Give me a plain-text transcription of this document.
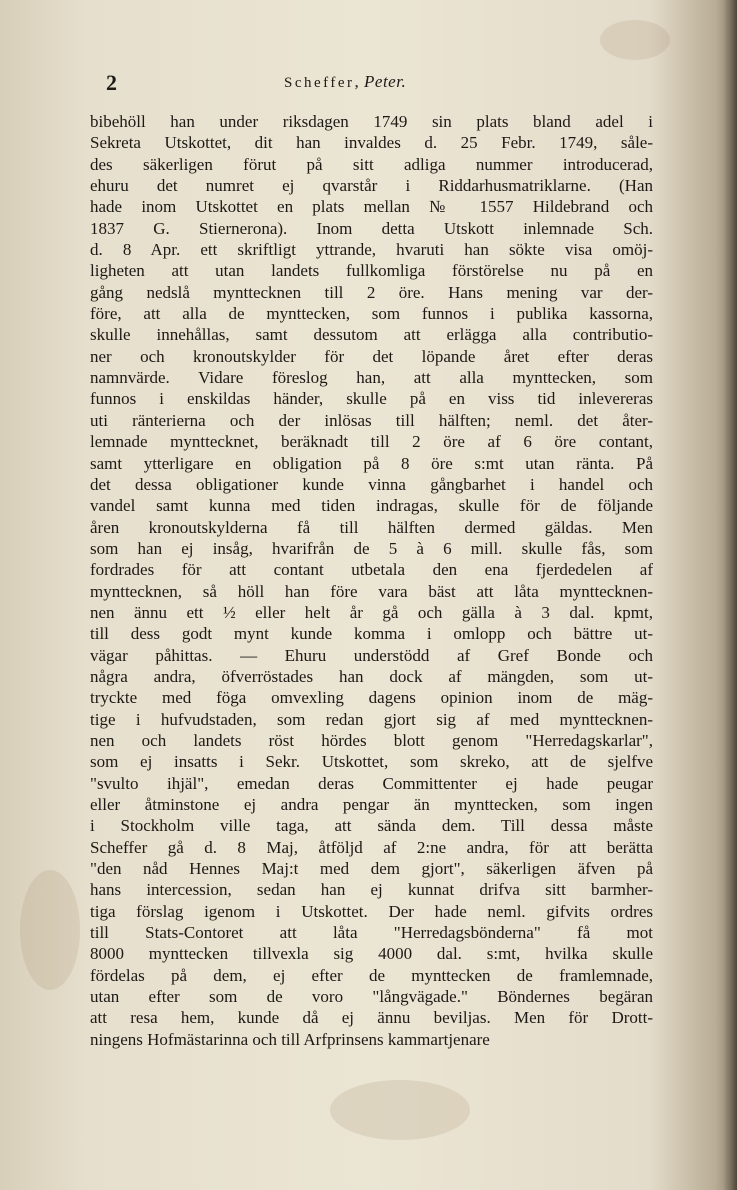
2	Scheffer, Peter.
bibehöll han under riksdagen 1749 sin plats bland adel i
Sekreta Utskottet, dit han invaldes d. 25 Febr. 1749, såle-
des säkerligen förut på sitt adliga nummer introducerad,
ehuru det numret ej qvarstår i Riddarhusmatriklarne. (Han
hade inom Utskottet en plats mellan № 1557 Hildebrand och
1837 G. Stiernerona). Inom detta Utskott inlemnade Sch.
d. 8 Apr. ett skriftligt yttrande, hvaruti han sökte visa omöj-
ligheten att utan landets fullkomliga förstörelse nu på en
gång nedslå mynttecknen till 2 öre. Hans mening var der-
före, att alla de mynttecken, som funnos i publika kassorna,
skulle innehållas, samt dessutom att erlägga alla contributio-
ner och kronoutskylder för det löpande året efter deras
namnvärde. Vidare föreslog han, att alla mynttecken, som
funnos i enskildas händer, skulle på en viss tid inlevereras
uti ränterierna och der inlösas till hälften; neml. det åter-
lemnade mynttecknet, beräknadt till 2 öre af 6 öre contant,
samt ytterligare en obligation på 8 öre s:mt utan ränta. På
det dessa obligationer kunde vinna gångbarhet i handel och
vandel samt kunna med tiden indragas, skulle för de följande
åren kronoutskylderna få till hälften dermed gäldas. Men
som han ej insåg, hvarifrån de 5 à 6 mill. skulle fås, som
fordrades för att contant utbetala den ena fjerdedelen af
mynttecknen, så höll han före vara bäst att låta mynttecknen-
nen ännu ett ½ eller helt år gå och gälla à 3 dal. kpmt,
till dess godt mynt kunde komma i omlopp och bättre ut-
vägar påhittas. — Ehuru understödd af Gref Bonde och
några andra, öfverröstades han dock af mängden, som ut-
tryckte med föga omvexling dagens opinion inom de mäg-
tige i hufvudstaden, som redan gjort sig af med mynttecknen-
nen och landets röst hördes blott genom "Herredagskarlar",
som ej insatts i Sekr. Utskottet, som skreko, att de sjelfve
"svulto ihjäl", emedan deras Committenter ej hade peugar
eller åtminstone ej andra pengar än mynttecken, som ingen
i Stockholm ville taga, att sända dem. Till dessa måste
Scheffer gå d. 8 Maj, åtföljd af 2:ne andra, för att berätta
"den nåd Hennes Maj:t med dem gjort", säkerligen äfven på
hans intercession, sedan han ej kunnat drifva sitt barmher-
tiga förslag igenom i Utskottet. Der hade neml. gifvits ordres
till Stats-Contoret att låta "Herredagsbönderna" få mot
8000 mynttecken tillvexla sig 4000 dal. s:mt, hvilka skulle
fördelas på dem, ej efter de mynttecken de framlemnade,
utan efter som de voro "långvägade." Böndernes begäran
att resa hem, kunde då ej ännu beviljas. Men för Drott-
ningens Hofmästarinna och till Arfprinsens kammartjenare
